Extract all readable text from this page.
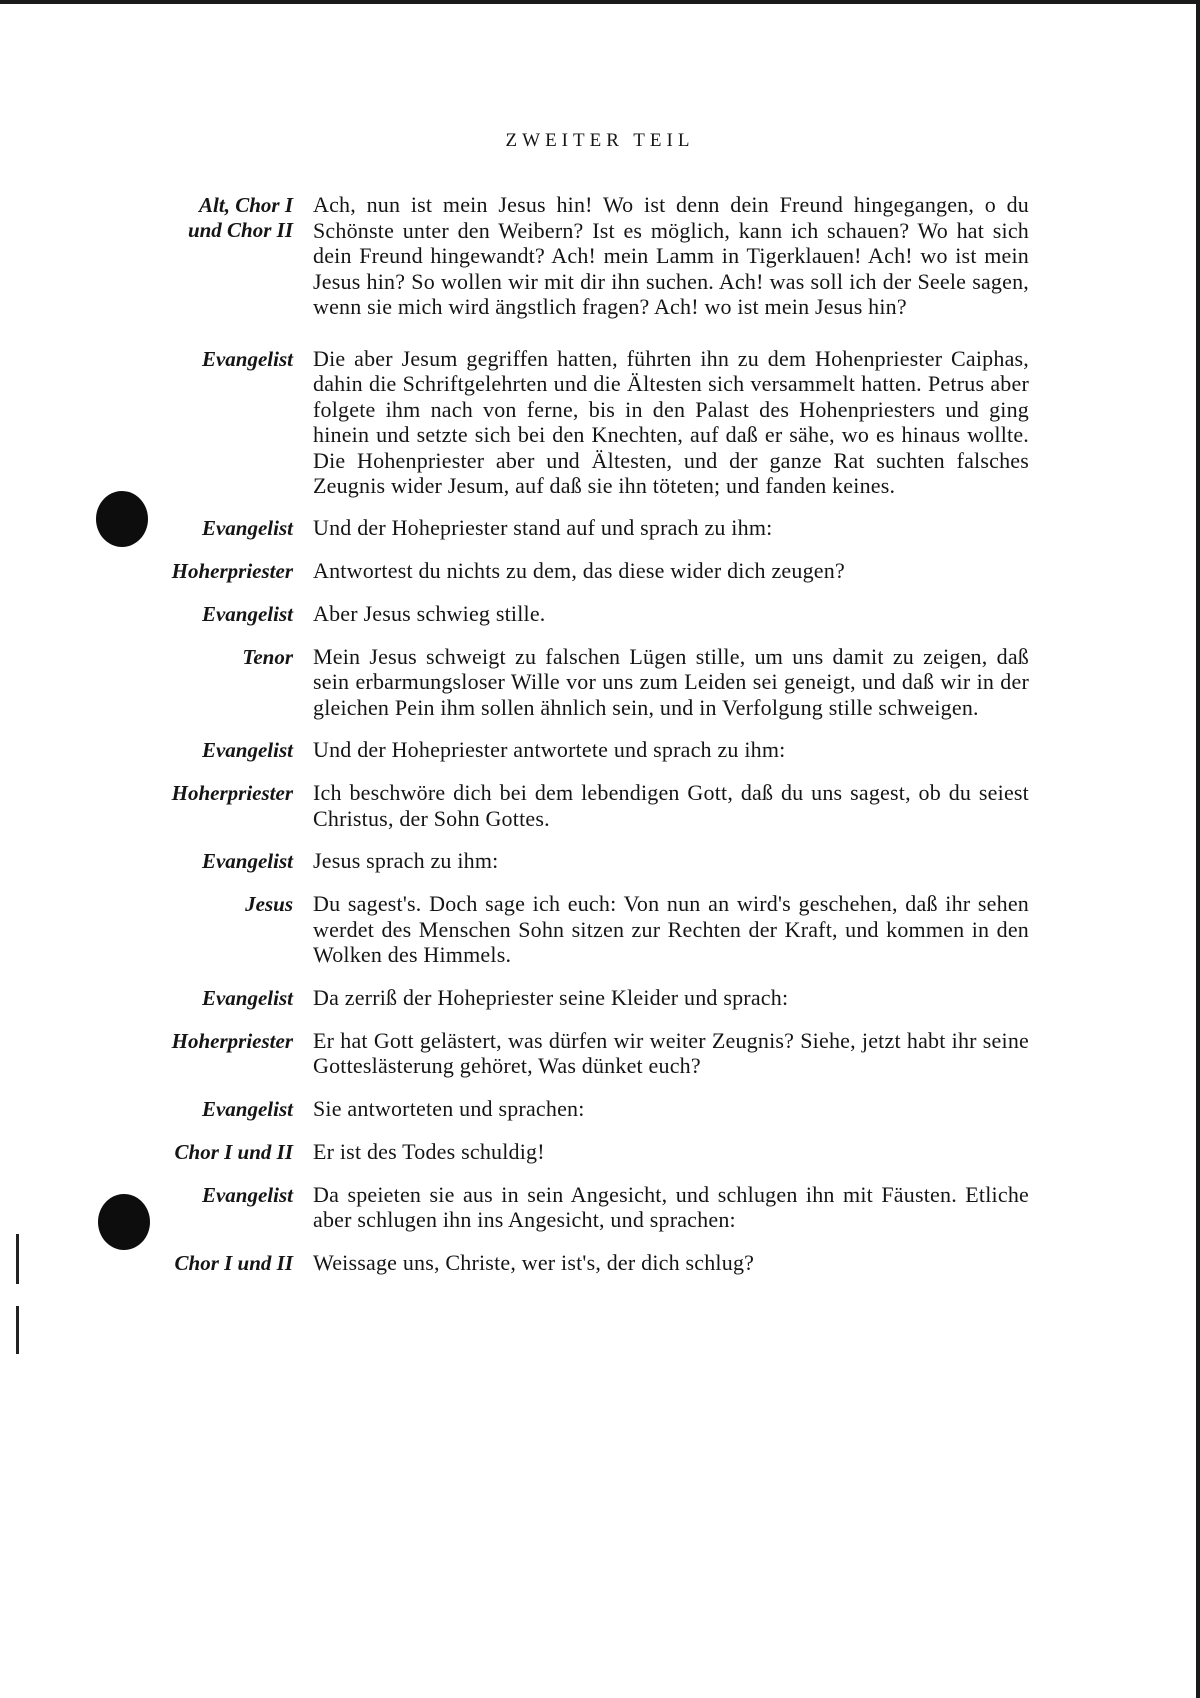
ZWEITER TEIL
Alt, Chor I
und Chor II
Ach, nun ist mein Jesus hin! Wo ist denn dein Freund hingegangen, o du Schönste unter den Weibern? Ist es möglich, kann ich schauen? Wo hat sich dein Freund hingewandt? Ach! mein Lamm in Tigerklauen! Ach! wo ist mein Jesus hin? So wollen wir mit dir ihn suchen. Ach! was soll ich der Seele sagen, wenn sie mich wird ängstlich fragen? Ach! wo ist mein Jesus hin?
Evangelist Die aber Jesum gegriffen hatten, führten ihn zu dem Hohenpriester Caiphas, dahin die Schriftgelehrten und die Ältesten sich versammelt hatten. Petrus aber folgete ihm nach von ferne, bis in den Palast des Hohenpriesters und ging hinein und setzte sich bei den Knechten, auf daß er sähe, wo es hinaus wollte. Die Hohenpriester aber und Ältesten, und der ganze Rat suchten falsches Zeugnis wider Jesum, auf daß sie ihn töteten; und fanden keines.
Evangelist Und der Hohepriester stand auf und sprach zu ihm:
Hoherpriester Antwortest du nichts zu dem, das diese wider dich zeugen?
Evangelist Aber Jesus schwieg stille.
Tenor Mein Jesus schweigt zu falschen Lügen stille, um uns damit zu zeigen, daß sein erbarmungsloser Wille vor uns zum Leiden sei geneigt, und daß wir in der gleichen Pein ihm sollen ähnlich sein, und in Verfolgung stille schweigen.
Evangelist Und der Hohepriester antwortete und sprach zu ihm:
Hoherpriester Ich beschwöre dich bei dem lebendigen Gott, daß du uns sagest, ob du seiest Christus, der Sohn Gottes.
Evangelist Jesus sprach zu ihm:
Jesus Du sagest's. Doch sage ich euch: Von nun an wird's geschehen, daß ihr sehen werdet des Menschen Sohn sitzen zur Rechten der Kraft, und kommen in den Wolken des Himmels.
Evangelist Da zerriß der Hohepriester seine Kleider und sprach:
Hoherpriester Er hat Gott gelästert, was dürfen wir weiter Zeugnis? Siehe, jetzt habt ihr seine Gotteslästerung gehöret, Was dünket euch?
Evangelist Sie antworteten und sprachen:
Chor I und II Er ist des Todes schuldig!
Evangelist Da speieten sie aus in sein Angesicht, und schlugen ihn mit Fäusten. Etliche aber schlugen ihn ins Angesicht, und sprachen:
Chor I und II Weissage uns, Christe, wer ist's, der dich schlug?
